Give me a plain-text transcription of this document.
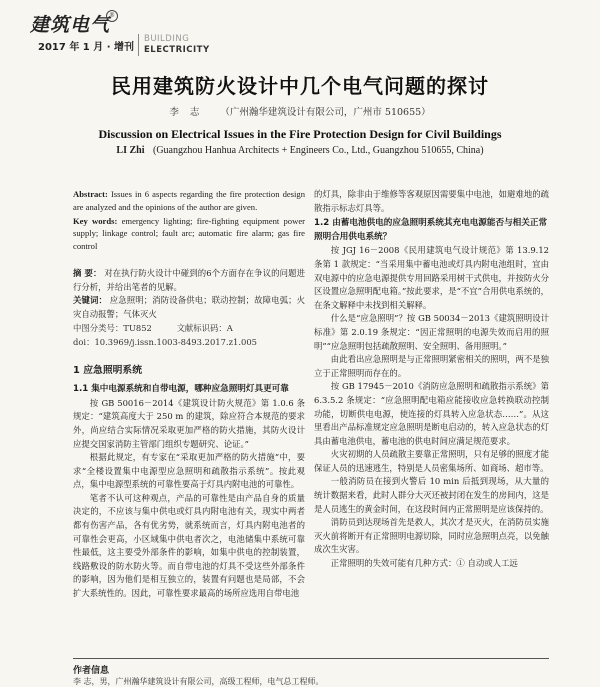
建筑电气
®
2017 年 1 月 · 增刊
BUILDING
ELECTRICITY
民用建筑防火设计中几个电气问题的探讨
李 志 （广州瀚华建筑设计有限公司，广州市 510655）
Discussion on Electrical Issues in the Fire Protection Design for Civil Buildings
LI Zhi (Guangzhou Hanhua Architects + Engineers Co., Ltd., Guangzhou 510655, China)

Abstract: Issues in 6 aspects regarding the fire protection design are analyzed and the opinions of the author are given.

Key words: emergency lighting; fire-fighting equipment power supply; linkage control; fault arc; automatic fire alarm; gas fire control

摘 要： 对在执行防火设计中碰到的6个方面存在争议的问题进行分析，并给出笔者的见解。

关键词： 应急照明；消防设备供电；联动控制；故障电弧；火灾自动报警；气体灭火

中图分类号：TU852	文献标识码：A

doi：10.3969/j.issn.1003-8493.2017.z1.005

1 应急照明系统
1.1 集中电源系统和自带电源，哪种应急照明灯具更可靠

按 GB 50016－2014《建筑设计防火规范》第 1.0.6 条规定：“建筑高度大于 250 m 的建筑，除应符合本规范的要求外，尚应结合实际情况采取更加严格的防火措施，其防火设计应提交国家消防主管部门组织专题研究、论证。”

根据此规定，有专家在“采取更加严格的防火措施”中，要求“全楼设置集中电源型应急照明和疏散指示系统”。按此观点，集中电源型系统的可靠性要高于灯具内附电池的可靠性。

笔者不认可这种观点，产品的可靠性是由产品自身的质量决定的，不应该与集中供电或灯具内附电池有关，现实中两者都有伤害产品，各有优劣势，就系统而言，灯具内附电池者的可靠性会更高，小区域集中供电者次之，电池储集中系统可靠性最低，这主要受外部条件的影响，如集中供电的控制装置，线路敷设的防水防火等。而自带电池的灯具不受这些外部条件的影响，因为他们是相互独立的，装置有问题也是局部，不会扩大系统性的。因此，可靠性要求最高的场所应选用自带电池

的灯具，除非由于维修等客观原因需要集中电池，如避难地的疏散指示标志灯具等。

1.2 由蓄电池供电的应急照明系统其充电电源能否与相关正常照明合用供电系统？

按 JGJ 16－2008《民用建筑电气设计规范》第 13.9.12 条第 1 款规定：“当采用集中蓄电池或灯具内附电池组时，宜由双电源中的应急电源提供专用回路采用树干式供电，并按防火分区设置应急照明配电箱。”按此要求，是“不宜”合用供电系统的，在条文解释中未找到相关解释。

什么是“应急照明”？按 GB 50034－2013《建筑照明设计标准》第 2.0.19 条规定：“因正常照明的电源失效而启用的照明”“应急照明包括疏散照明、安全照明、备用照明。”

由此看出应急照明是与正常照明紧密相关的照明，两不是独立于正常照明而存在的。

按 GB 17945－2010《消防应急照明和疏散指示系统》第 6.3.5.2 条规定：“应急照明配电箱应能接收应急转换联动控制功能，切断供电电源，使连接的灯具转入应急状态……”。从这里看出产品标准规定应急照明是断电启动的，转入应急状态的灯具由蓄电池供电，蓄电池的供电时间应满足规范要求。

火灾初期的人员疏散主要靠正常照明，只有足够的照度才能保证人员的迅速逃生，特别是人员密集场所、如商场、超市等。

一般消防员在接到火警后 10 min 后抵到现场，从大量的统计数据来看，此时人群分大灭还被封闭在发生的房间内，这是是人员逃生的黄金时间，在这段时间内正常照明是应该保持的。

消防员到达现场首先是救人，其次才是灭火，在消防员实施灭火前将断开有正常照明电源切除，同时应急照明点亮，以免触成次生灾害。

正常照明的失效可能有几种方式：① 自动或人工远

作者信息
李 志，男，广州瀚华建筑设计有限公司，高级工程师，电气总工程师。
